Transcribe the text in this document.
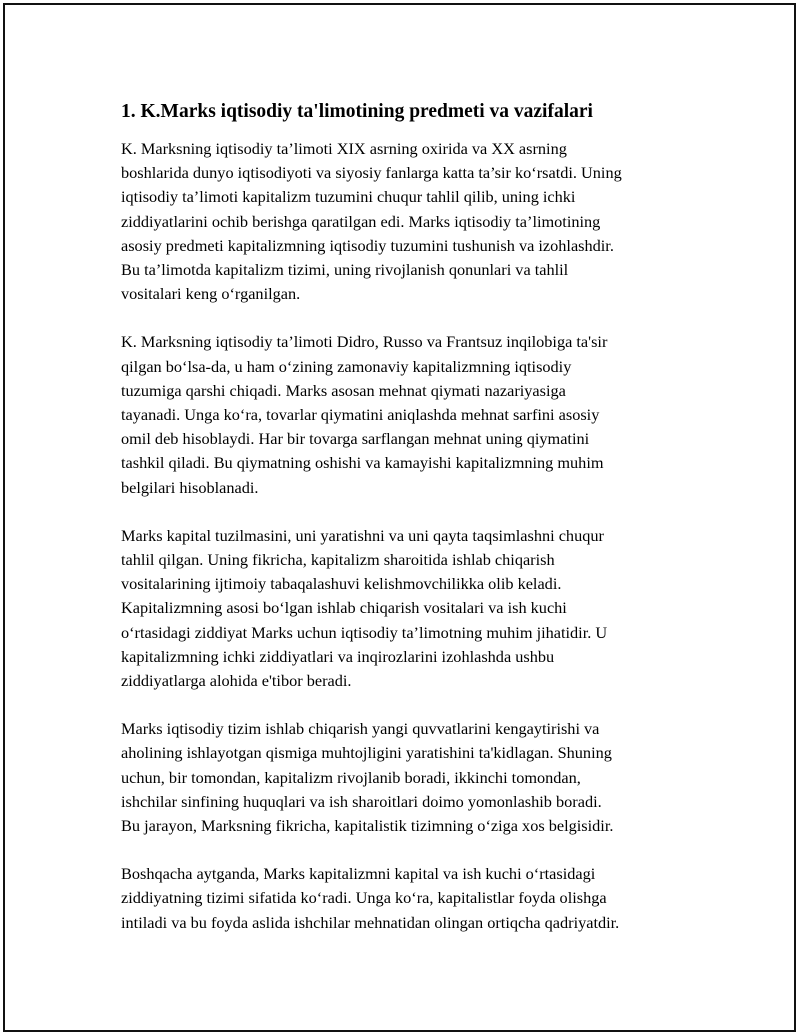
1. K.Marks iqtisodiy ta'limotining predmeti va vazifalari

K. Marksning iqtisodiy ta’limoti XIX asrning oxirida va XX asrning
boshlarida dunyo iqtisodiyoti va siyosiy fanlarga katta ta’sir ko‘rsatdi. Uning
iqtisodiy ta’limoti kapitalizm tuzumini chuqur tahlil qilib, uning ichki
ziddiyatlarini ochib berishga qaratilgan edi. Marks iqtisodiy ta’limotining
asosiy predmeti kapitalizmning iqtisodiy tuzumini tushunish va izohlashdir.
Bu ta’limotda kapitalizm tizimi, uning rivojlanish qonunlari va tahlil
vositalari keng o‘rganilgan.

K. Marksning iqtisodiy ta’limoti Didro, Russo va Frantsuz inqilobiga ta'sir
qilgan bo‘lsa-da, u ham o‘zining zamonaviy kapitalizmning iqtisodiy
tuzumiga qarshi chiqadi. Marks asosan mehnat qiymati nazariyasiga
tayanadi. Unga ko‘ra, tovarlar qiymatini aniqlashda mehnat sarfini asosiy
omil deb hisoblaydi. Har bir tovarga sarflangan mehnat uning qiymatini
tashkil qiladi. Bu qiymatning oshishi va kamayishi kapitalizmning muhim
belgilari hisoblanadi.

Marks kapital tuzilmasini, uni yaratishni va uni qayta taqsimlashni chuqur
tahlil qilgan. Uning fikricha, kapitalizm sharoitida ishlab chiqarish
vositalarining ijtimoiy tabaqalashuvi kelishmovchilikka olib keladi.
Kapitalizmning asosi bo‘lgan ishlab chiqarish vositalari va ish kuchi
o‘rtasidagi ziddiyat Marks uchun iqtisodiy ta’limotning muhim jihatidir. U
kapitalizmning ichki ziddiyatlari va inqirozlarini izohlashda ushbu
ziddiyatlarga alohida e'tibor beradi.

Marks iqtisodiy tizim ishlab chiqarish yangi quvvatlarini kengaytirishi va
aholining ishlayotgan qismiga muhtojligini yaratishini ta'kidlagan. Shuning
uchun, bir tomondan, kapitalizm rivojlanib boradi, ikkinchi tomondan,
ishchilar sinfining huquqlari va ish sharoitlari doimo yomonlashib boradi.
Bu jarayon, Marksning fikricha, kapitalistik tizimning o‘ziga xos belgisidir.

Boshqacha aytganda, Marks kapitalizmni kapital va ish kuchi o‘rtasidagi
ziddiyatning tizimi sifatida ko‘radi. Unga ko‘ra, kapitalistlar foyda olishga
intiladi va bu foyda aslida ishchilar mehnatidan olingan ortiqcha qadriyatdir.
